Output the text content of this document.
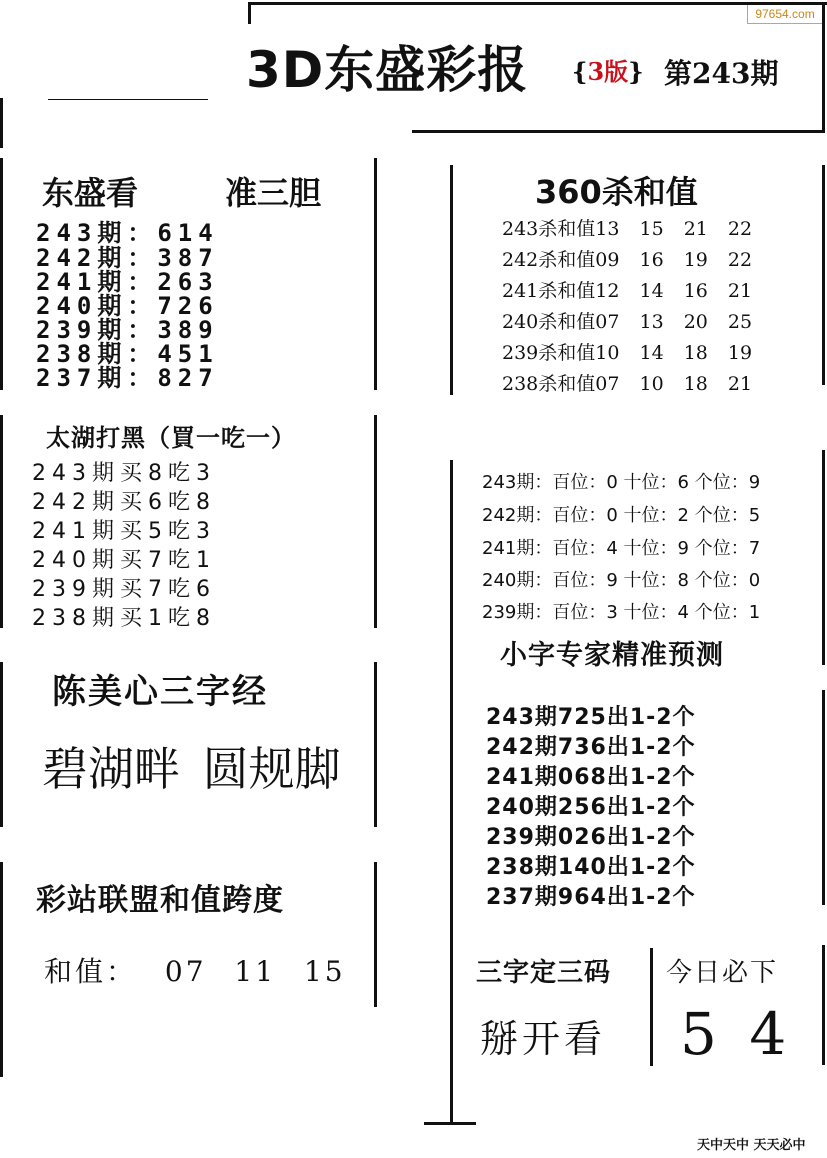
97654.com
3D东盛彩报 {3版} 第243期
东盛看	准三胆
243期：614
242期：387
241期：263
240期：726
239期：389
238期：451
237期：827
太湖打黑（買一吃一）
243期买8吃3
242期买6吃8
241期买5吃3
240期买7吃1
239期买7吃6
238期买1吃8
陈美心三字经
碧湖畔 圆规脚
彩站联盟和值跨度
和值： 07 11 15
360杀和值
243杀和值13 15 21 22
242杀和值09 16 19 22
241杀和值12 14 16 21
240杀和值07 13 20 25
239杀和值10 14 18 19
238杀和值07 10 18 21
243期：百位：0 十位：6 个位：9
242期：百位：0 十位：2 个位：5
241期：百位：4 十位：9 个位：7
240期：百位：9 十位：8 个位：0
239期：百位：3 十位：4 个位：1
小字专家精准预测
243期725出1-2个
242期736出1-2个
241期068出1-2个
240期256出1-2个
239期026出1-2个
238期140出1-2个
237期964出1-2个
三字定三码
掰开看
今日必下
5 4
天中天中 天天必中
